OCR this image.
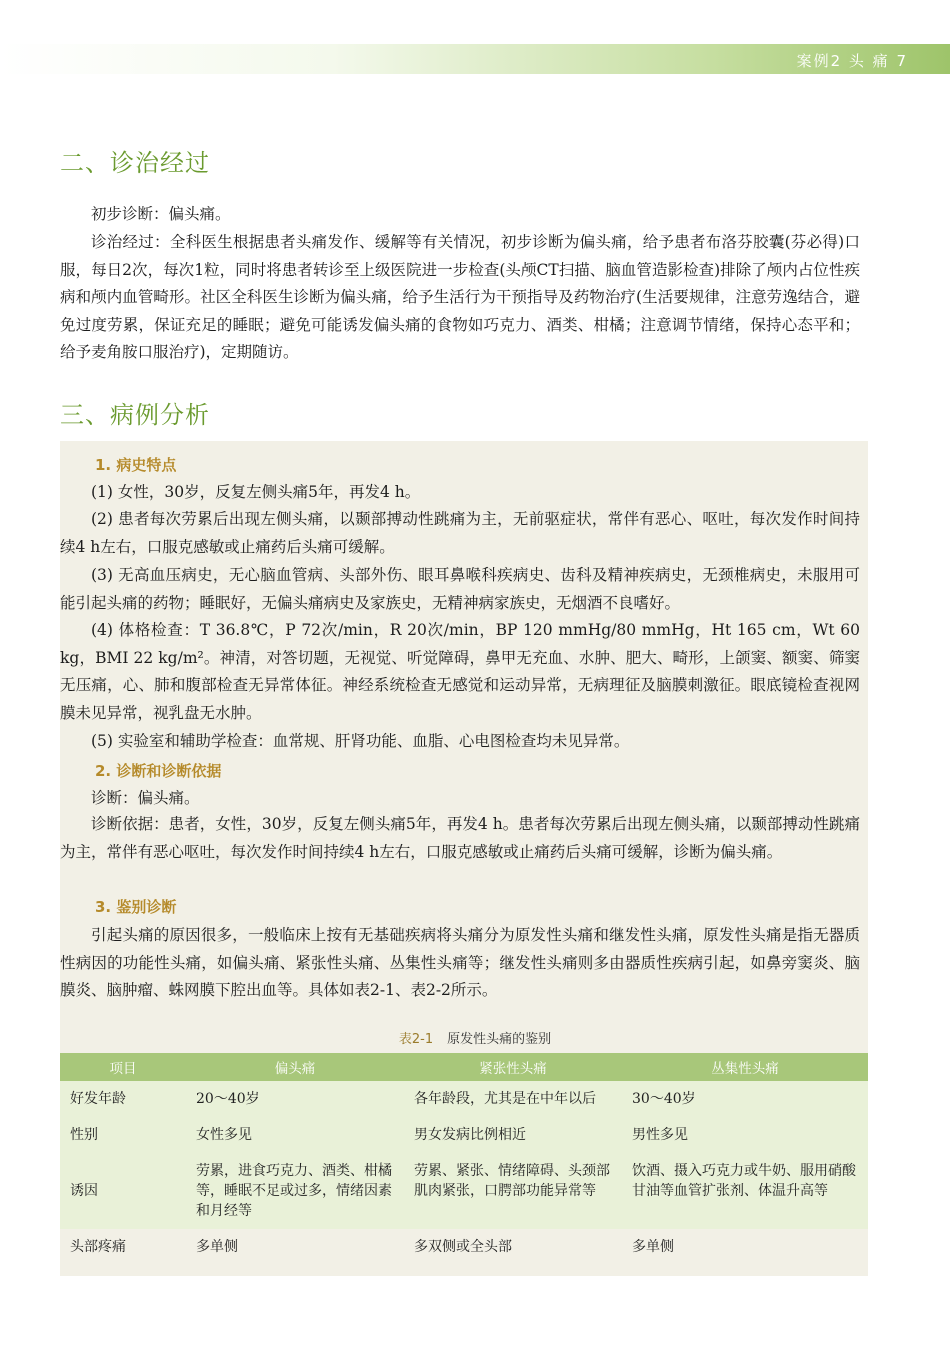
案例2 头 痛 7
二、诊治经过

初步诊断：偏头痛。

诊治经过：全科医生根据患者头痛发作、缓解等有关情况，初步诊断为偏头痛，给予患者布洛芬胶囊(芬必得)口服，每日2次，每次1粒，同时将患者转诊至上级医院进一步检查(头颅CT扫描、脑血管造影检查)排除了颅内占位性疾病和颅内血管畸形。社区全科医生诊断为偏头痛，给予生活行为干预指导及药物治疗(生活要规律，注意劳逸结合，避免过度劳累，保证充足的睡眠；避免可能诱发偏头痛的食物如巧克力、酒类、柑橘；注意调节情绪，保持心态平和；给予麦角胺口服治疗)，定期随访。

三、病例分析
1. 病史特点

(1) 女性，30岁，反复左侧头痛5年，再发4 h。

(2) 患者每次劳累后出现左侧头痛，以颞部搏动性跳痛为主，无前驱症状，常伴有恶心、呕吐，每次发作时间持续4 h左右，口服克感敏或止痛药后头痛可缓解。

(3) 无高血压病史，无心脑血管病、头部外伤、眼耳鼻喉科疾病史、齿科及精神疾病史，无颈椎病史，未服用可能引起头痛的药物；睡眠好，无偏头痛病史及家族史，无精神病家族史，无烟酒不良嗜好。

(4) 体格检查：T 36.8℃，P 72次/min，R 20次/min，BP 120 mmHg/80 mmHg，Ht 165 cm，Wt 60 kg，BMI 22 kg/m²。神清，对答切题，无视觉、听觉障碍，鼻甲无充血、水肿、肥大、畸形，上颌窦、额窦、筛窦无压痛，心、肺和腹部检查无异常体征。神经系统检查无感觉和运动异常，无病理征及脑膜刺激征。眼底镜检查视网膜未见异常，视乳盘无水肿。

(5) 实验室和辅助学检查：血常规、肝肾功能、血脂、心电图检查均未见异常。

2. 诊断和诊断依据

诊断：偏头痛。

诊断依据：患者，女性，30岁，反复左侧头痛5年，再发4 h。患者每次劳累后出现左侧头痛，以颞部搏动性跳痛为主，常伴有恶心呕吐，每次发作时间持续4 h左右，口服克感敏或止痛药后头痛可缓解，诊断为偏头痛。

3. 鉴别诊断

引起头痛的原因很多，一般临床上按有无基础疾病将头痛分为原发性头痛和继发性头痛，原发性头痛是指无器质性病因的功能性头痛，如偏头痛、紧张性头痛、丛集性头痛等；继发性头痛则多由器质性疾病引起，如鼻旁窦炎、脑膜炎、脑肿瘤、蛛网膜下腔出血等。具体如表2-1、表2-2所示。

表2-1 原发性头痛的鉴别
项目	偏头痛	紧张性头痛	丛集性头痛
好发年龄	20～40岁	各年龄段，尤其是在中年以后	30～40岁
性别	女性多见	男女发病比例相近	男性多见
诱因	劳累，进食巧克力、酒类、柑橘等，睡眠不足或过多，情绪因素和月经等	劳累、紧张、情绪障碍、头颈部肌肉紧张，口腭部功能异常等	饮酒、摄入巧克力或牛奶、服用硝酸甘油等血管扩张剂、体温升高等
头部疼痛	多单侧	多双侧或全头部	多单侧
